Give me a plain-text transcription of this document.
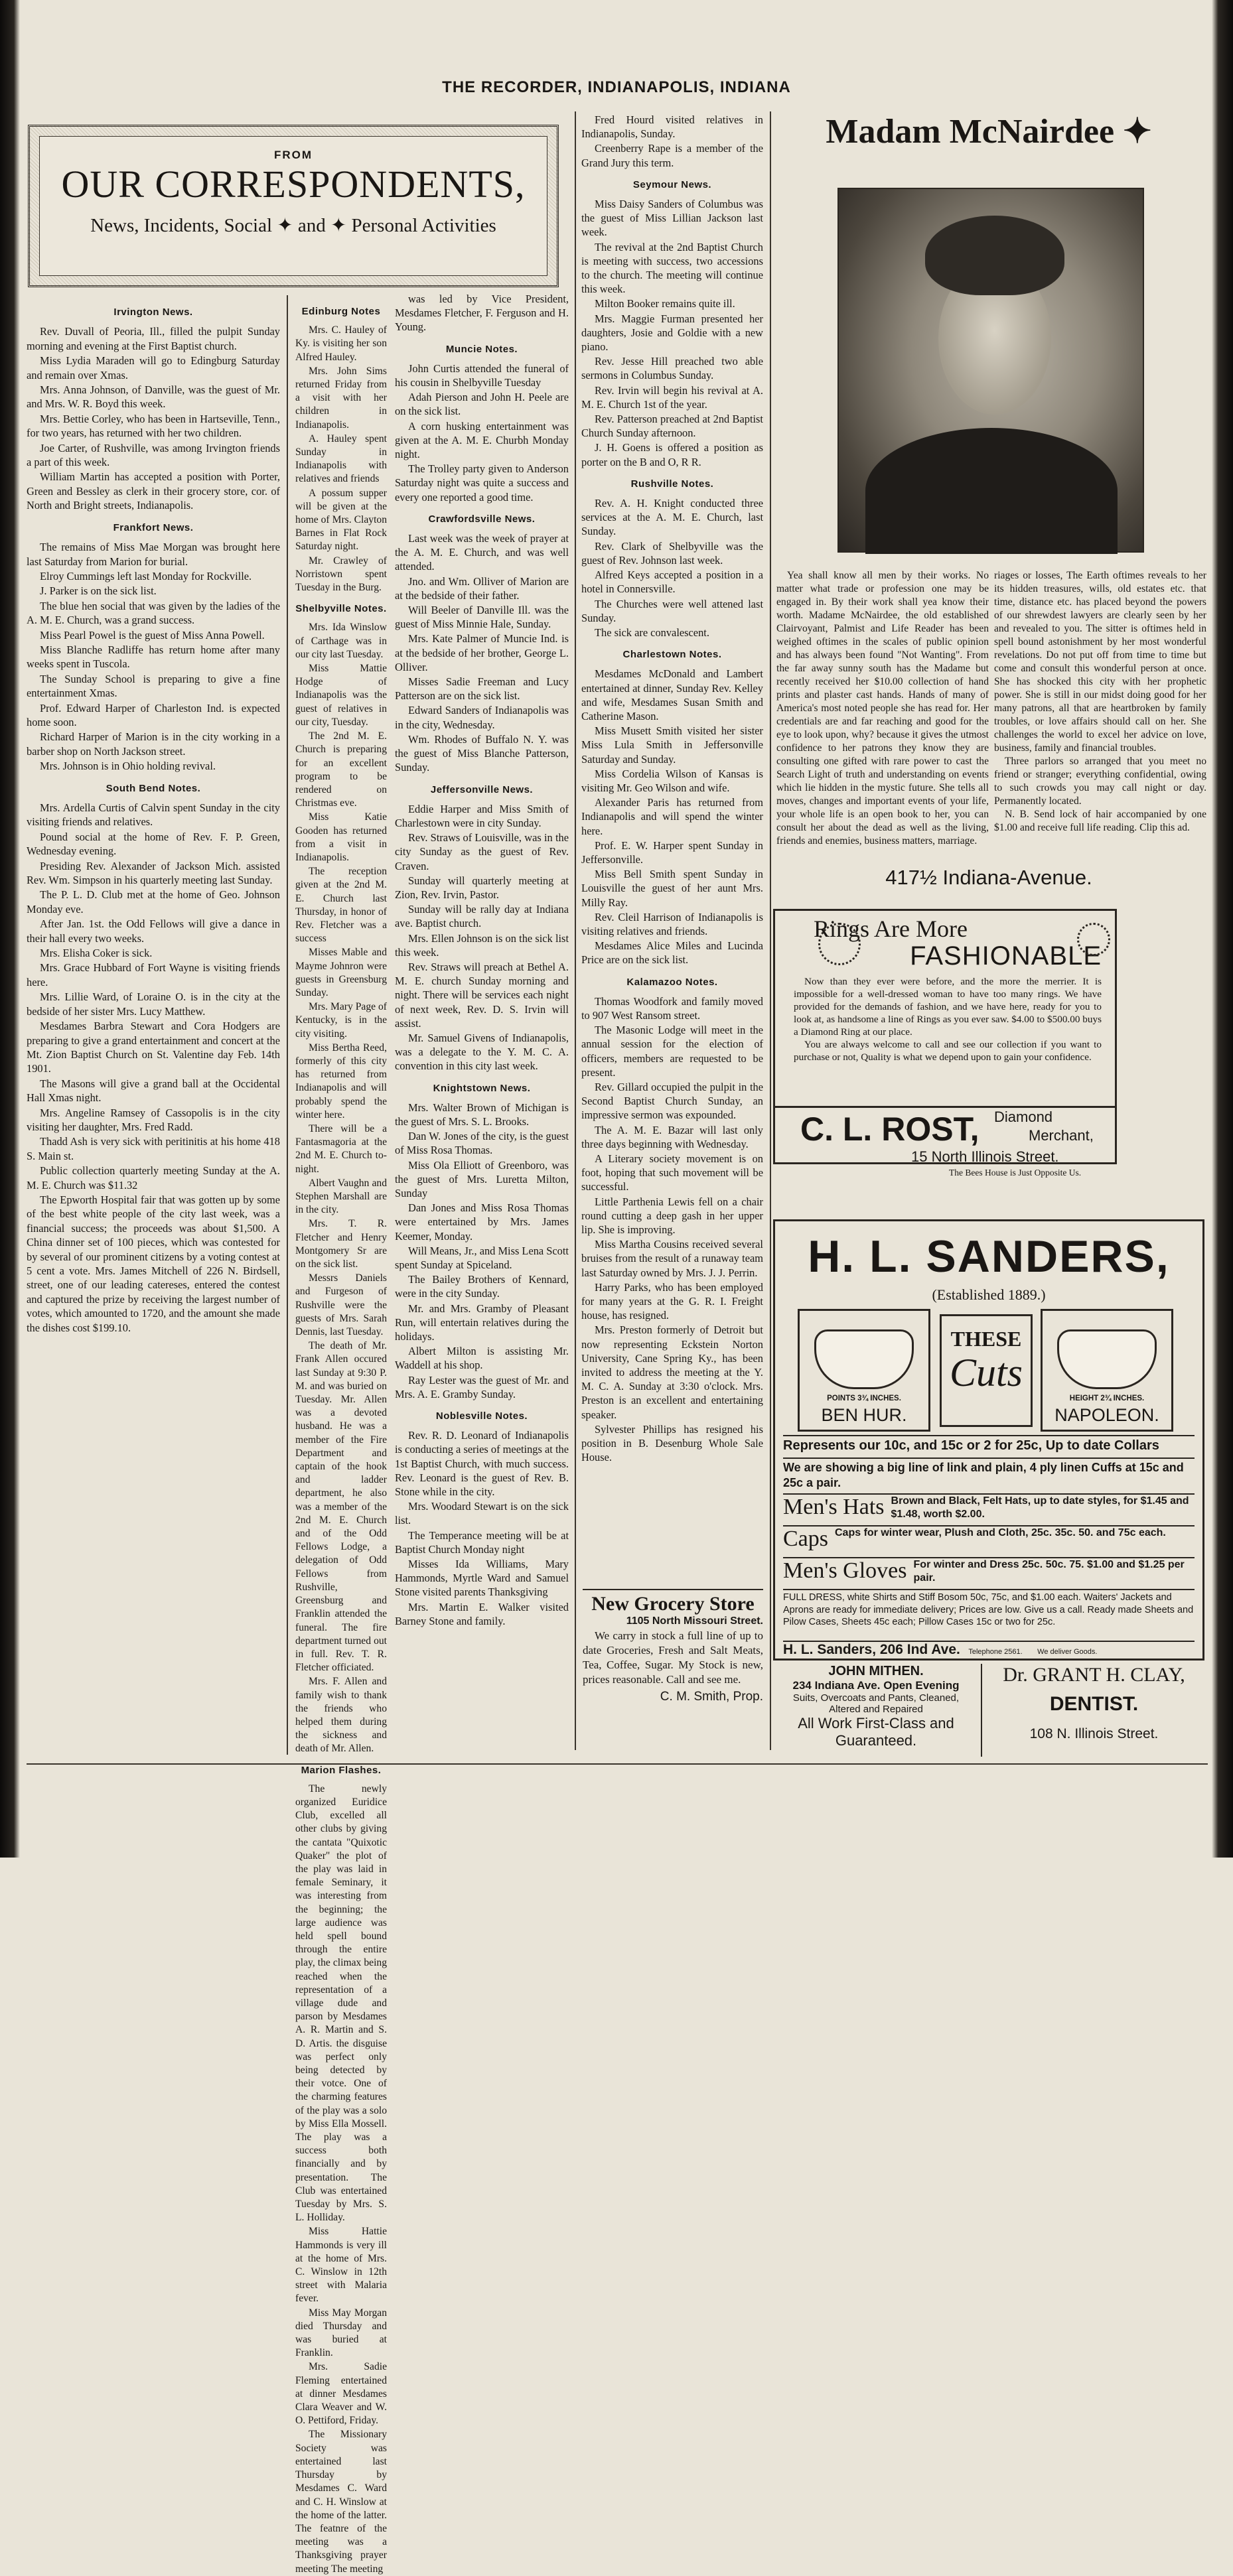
THE RECORDER, INDIANAPOLIS, INDIANA
FROM
OUR CORRESPONDENTS,
News, Incidents, Social ✦ and ✦ Personal Activities
Irvington News.

Rev. Duvall of Peoria, Ill., filled the pulpit Sunday morning and evening at the First Baptist church.

Miss Lydia Maraden will go to Edingburg Saturday and remain over Xmas.

Mrs. Anna Johnson, of Danville, was the guest of Mr. and Mrs. W. R. Boyd this week.

Mrs. Bettie Corley, who has been in Hartseville, Tenn., for two years, has returned with her two children.

Joe Carter, of Rushville, was among Irvington friends a part of this week.

William Martin has accepted a position with Porter, Green and Bessley as clerk in their grocery store, cor. of North and Bright streets, Indianapolis.

Frankfort News.

The remains of Miss Mae Morgan was brought here last Saturday from Marion for burial.

Elroy Cummings left last Monday for Rockville.

J. Parker is on the sick list.

The blue hen social that was given by the ladies of the A. M. E. Church, was a grand success.

Miss Pearl Powel is the guest of Miss Anna Powell.

Miss Blanche Radliffe has return home after many weeks spent in Tuscola.

The Sunday School is preparing to give a fine entertainment Xmas.

Prof. Edward Harper of Charleston Ind. is expected home soon.

Richard Harper of Marion is in the city working in a barber shop on North Jackson street.

Mrs. Johnson is in Ohio holding revival.

South Bend Notes.

Mrs. Ardella Curtis of Calvin spent Sunday in the city visiting friends and relatives.

Pound social at the home of Rev. F. P. Green, Wednesday evening.

Presiding Rev. Alexander of Jackson Mich. assisted Rev. Wm. Simpson in his quarterly meeting last Sunday.

The P. L. D. Club met at the home of Geo. Johnson Monday eve.

After Jan. 1st. the Odd Fellows will give a dance in their hall every two weeks.

Mrs. Elisha Coker is sick.

Mrs. Grace Hubbard of Fort Wayne is visiting friends here.

Mrs. Lillie Ward, of Loraine O. is in the city at the bedside of her sister Mrs. Lucy Matthew.

Mesdames Barbra Stewart and Cora Hodgers are preparing to give a grand entertainment and concert at the Mt. Zion Baptist Church on St. Valentine day Feb. 14th 1901.

The Masons will give a grand ball at the Occidental Hall Xmas night.

Mrs. Angeline Ramsey of Cassopolis is in the city visiting her daughter, Mrs. Fred Radd.

Thadd Ash is very sick with peritinitis at his home 418 S. Main st.

Public collection quarterly meeting Sunday at the A. M. E. Church was $11.32

The Epworth Hospital fair that was gotten up by some of the best white people of the city last week, was a financial success; the proceeds was about $1,500. A China dinner set of 100 pieces, which was contested for by several of our prominent citizens by a voting contest at 5 cent a vote. Mrs. James Mitchell of 226 N. Birdsell, street, one of our leading catereses, entered the contest and captured the prize by receiving the largest number of votes, which amounted to 1720, and the amount she made the dishes cost $199.10.

Fred Hourd visited relatives in Indianapolis, Sunday.

Creenberry Rape is a member of the Grand Jury this term.

Seymour News.

Miss Daisy Sanders of Columbus was the guest of Miss Lillian Jackson last week.

The revival at the 2nd Baptist Church is meeting with success, two accessions to the church. The meeting will continue this week.

Milton Booker remains quite ill.

Mrs. Maggie Furman presented her daughters, Josie and Goldie with a new piano.

Rev. Jesse Hill preached two able sermons in Columbus Sunday.

Rev. Irvin will begin his revival at A. M. E. Church 1st of the year.

Rev. Patterson preached at 2nd Baptist Church Sunday afternoon.

J. H. Goens is offered a position as porter on the B and O, R R.

Rushville Notes.

Rev. A. H. Knight conducted three services at the A. M. E. Church, last Sunday.

Rev. Clark of Shelbyville was the guest of Rev. Johnson last week.

Alfred Keys accepted a position in a hotel in Connersville.

The Churches were well attened last Sunday.

The sick are convalescent.

Charlestown Notes.

Mesdames McDonald and Lambert entertained at dinner, Sunday Rev. Kelley and wife, Mesdames Susan Smith and Catherine Mason.

Miss Musett Smith visited her sister Miss Lula Smith in Jeffersonville Saturday and Sunday.

Miss Cordelia Wilson of Kansas is visiting Mr. Geo Wilson and wife.

Alexander Paris has returned from Indianapolis and will spend the winter here.

Prof. E. W. Harper spent Sunday in Jeffersonville.

Miss Bell Smith spent Sunday in Louisville the guest of her aunt Mrs. Milly Ray.

Rev. Cleil Harrison of Indianapolis is visiting relatives and friends.

Mesdames Alice Miles and Lucinda Price are on the sick list.

Kalamazoo Notes.

Thomas Woodfork and family moved to 907 West Ransom street.

The Masonic Lodge will meet in the annual session for the election of officers, members are requested to be present.

Rev. Gillard occupied the pulpit in the Second Baptist Church Sunday, an impressive sermon was expounded.

The A. M. E. Bazar will last only three days beginning with Wednesday.

A Literary society movement is on foot, hoping that such movement will be successful.

Little Parthenia Lewis fell on a chair round cutting a deep gash in her upper lip. She is improving.

Miss Martha Cousins received several bruises from the result of a runaway team last Saturday owned by Mrs. J. J. Perrin.

Harry Parks, who has been employed for many years at the G. R. I. Freight house, has resigned.

Mrs. Preston formerly of Detroit but now representing Eckstein Norton University, Cane Spring Ky., has been invited to address the meeting at the Y. M. C. A. Sunday at 3:30 o'clock. Mrs. Preston is an excellent and entertaining speaker.

Sylvester Phillips has resigned his position in B. Desenburg Whole Sale House.

New Grocery Store
1105 North Missouri Street.
We carry in stock a full line of up to date Groceries, Fresh and Salt Meats, Tea, Coffee, Sugar. My Stock is new, prices reasonable. Call and see me.
C. M. Smith, Prop.
Madam McNairdee ✦

Yea shall know all men by their works. No matter what trade or profession one may be engaged in. By their work shall yea know their worth. Madame McNairdee, the old established Clairvoyant, Palmist and Life Reader has been weighed oftimes in the scales of public opinion and has always been found "Not Wanting". From the far away sunny south has the Madame but recently received her $10.00 collection of hand prints and plaster cast hands. Hands of many of America's most noted people she has read for. Her credentials are and far reaching and good for the eye to look upon, why? because it gives the utmost confidence to her patrons they know they are consulting one gifted with rare power to cast the Search Light of truth and understanding on events which lie hidden in the mystic future. She tells all moves, changes and important events of your life, your whole life is an open book to her, you can consult her about the dead as well as the living, friends and enemies, business matters, marriage.

riages or losses, The Earth oftimes reveals to her its hidden treasures, wills, old estates etc. that time, distance etc. has placed beyond the powers of our shrewdest lawyers are clearly seen by her and revealed to you. The sitter is oftimes held in spell bound astonishment by her most wonderful revelations. Do not put off from time to time but come and consult this wonderful person at once. She has shocked this city with her prophetic power. She is still in our midst doing good for her many patrons, all that are heartbroken by family troubles, or love affairs should call on her. She challenges the world to excel her advice on love, business, family and financial troubles.

Three parlors so arranged that you meet no friend or stranger; everything confidential, owing to such crowds you may call night or day. Permanently located.

N. B. Send lock of hair accompanied by one $1.00 and receive full life reading. Clip this ad.

417½ Indiana-Avenue.
Rings Are More
FASHIONABLE

Now than they ever were before, and the more the merrier. It is impossible for a well-dressed woman to have too many rings. We have provided for the demands of fashion, and we have here, ready for you to look at, as handsome a line of Rings as you ever saw. $4.00 to $500.00 buys a Diamond Ring at our place.

You are always welcome to call and see our collection if you want to purchase or not, Quality is what we depend upon to gain your confidence.

C. L. ROST, Diamond
Merchant,
15 North Illinois Street.
The Bees House is Just Opposite Us.
H. L. SANDERS,
(Established 1889.)
POINTS 3¾ INCHES.
BEN HUR.
THESE
Cuts
HEIGHT 2¾ INCHES.
NAPOLEON.
Represents our 10c, and 15c or 2 for 25c, Up to date Collars
We are showing a big line of link and plain, 4 ply linen Cuffs at 15c and 25c a pair.
Men's Hats Brown and Black, Felt Hats, up to date styles, for $1.45 and $1.48, worth $2.00.
Caps Caps for winter wear, Plush and Cloth, 25c. 35c. 50. and 75c each.
Men's Gloves For winter and Dress 25c. 50c. 75. $1.00 and $1.25 per pair.
FULL DRESS, white Shirts and Stiff Bosom 50c, 75c, and $1.00 each. Waiters' Jackets and Aprons are ready for immediate delivery; Prices are low. Give us a call. Ready made Sheets and Pilow Cases, Sheets 45c each; Pillow Cases 15c or two for 25c.
H. L. Sanders, 206 Ind Ave. Telephone 2561. We deliver Goods.
JOHN MITHEN.
234 Indiana Ave. Open Evening
Suits, Overcoats and Pants, Cleaned,
Altered and Repaired
All Work First-Class and
Guaranteed.
Dr. GRANT H. CLAY,
DENTIST.
108 N. Illinois Street.
Edinburg Notes

Mrs. C. Hauley of Ky. is visiting her son Alfred Hauley.

Mrs. John Sims returned Friday from a visit with her children in Indianapolis.

A. Hauley spent Sunday in Indianapolis with relatives and friends

A possum supper will be given at the home of Mrs. Clayton Barnes in Flat Rock Saturday night.

Mr. Crawley of Norristown spent Tuesday in the Burg.

Shelbyville Notes.

Mrs. Ida Winslow of Carthage was in our city last Tuesday.

Miss Mattie Hodge of Indianapolis was the guest of relatives in our city, Tuesday.

The 2nd M. E. Church is preparing for an excellent program to be rendered on Christmas eve.

Miss Katie Gooden has returned from a visit in Indianapolis.

The reception given at the 2nd M. E. Church last Thursday, in honor of Rev. Fletcher was a success

Misses Mable and Mayme Johnron were guests in Greensburg Sunday.

Mrs. Mary Page of Kentucky, is in the city visiting.

Miss Bertha Reed, formerly of this city has returned from Indianapolis and will probably spend the winter here.

There will be a Fantasmagoria at the 2nd M. E. Church to-night.

Albert Vaughn and Stephen Marshall are in the city.

Mrs. T. R. Fletcher and Henry Montgomery Sr are on the sick list.

Messrs Daniels and Furgeson of Rushville were the guests of Mrs. Sarah Dennis, last Tuesday.

The death of Mr. Frank Allen occured last Sunday at 9:30 P. M. and was buried on Tuesday. Mr. Allen was a devoted husband. He was a member of the Fire Department and captain of the hook and ladder department, he also was a member of the 2nd M. E. Church and of the Odd Fellows Lodge, a delegation of Odd Fellows from Rushville, Greensburg and Franklin attended the funeral. The fire department turned out in full. Rev. T. R. Fletcher officiated.

Mrs. F. Allen and family wish to thank the friends who helped them during the sickness and death of Mr. Allen.

Marion Flashes.

The newly organized Euridice Club, excelled all other clubs by giving the cantata "Quixotic Quaker" the plot of the play was laid in female Seminary, it was interesting from the beginning; the large audience was held spell bound through the entire play, the climax being reached when the representation of a village dude and parson by Mesdames A. R. Martin and S. D. Artis. the disguise was perfect only being detected by their votce. One of the charming features of the play was a solo by Miss Ella Mossell. The play was a success both financially and by presentation. The Club was entertained Tuesday by Mrs. S. L. Holliday.

Miss Hattie Hammonds is very ill at the home of Mrs. C. Winslow in 12th street with Malaria fever.

Miss May Morgan died Thursday and was buried at Franklin.

Mrs. Sadie Fleming entertained at dinner Mesdames Clara Weaver and W. O. Pettiford, Friday.

The Missionary Society was entertained last Thursday by Mesdames C. Ward and C. H. Winslow at the home of the latter. The featnre of the meeting was a Thanksgiving prayer meeting The meeting

was led by Vice President, Mesdames Fletcher, F. Ferguson and H. Young.

Muncie Notes.

John Curtis attended the funeral of his cousin in Shelbyville Tuesday

Adah Pierson and John H. Peele are on the sick list.

A corn husking entertainment was given at the A. M. E. Churbh Monday night.

The Trolley party given to Anderson Saturday night was quite a success and every one reported a good time.

Crawfordsville News.

Last week was the week of prayer at the A. M. E. Church, and was well attended.

Jno. and Wm. Olliver of Marion are at the bedside of their father.

Will Beeler of Danville Ill. was the guest of Miss Minnie Hale, Sunday.

Mrs. Kate Palmer of Muncie Ind. is at the bedside of her brother, George L. Olliver.

Misses Sadie Freeman and Lucy Patterson are on the sick list.

Edward Sanders of Indianapolis was in the city, Wednesday.

Wm. Rhodes of Buffalo N. Y. was the guest of Miss Blanche Patterson, Sunday.

Jeffersonville News.

Eddie Harper and Miss Smith of Charlestown were in city Sunday.

Rev. Straws of Louisville, was in the city Sunday as the guest of Rev. Craven.

Sunday will quarterly meeting at Zion, Rev. Irvin, Pastor.

Sunday will be rally day at Indiana ave. Baptist church.

Mrs. Ellen Johnson is on the sick list this week.

Rev. Straws will preach at Bethel A. M. E. church Sunday morning and night. There will be services each night of next week, Rev. D. S. Irvin will assist.

Mr. Samuel Givens of Indianapolis, was a delegate to the Y. M. C. A. convention in this city last week.

Knightstown News.

Mrs. Walter Brown of Michigan is the guest of Mrs. S. L. Brooks.

Dan W. Jones of the city, is the guest of Miss Rosa Thomas.

Miss Ola Elliott of Greenboro, was the guest of Mrs. Luretta Milton, Sunday

Dan Jones and Miss Rosa Thomas were entertained by Mrs. James Keemer, Monday.

Will Means, Jr., and Miss Lena Scott spent Sunday at Spiceland.

The Bailey Brothers of Kennard, were in the city Sunday.

Mr. and Mrs. Gramby of Pleasant Run, will entertain relatives during the holidays.

Albert Milton is assisting Mr. Waddell at his shop.

Ray Lester was the guest of Mr. and Mrs. A. E. Gramby Sunday.

Noblesville Notes.

Rev. R. D. Leonard of Indianapolis is conducting a series of meetings at the 1st Baptist Church, with much success. Rev. Leonard is the guest of Rev. B. Stone while in the city.

Mrs. Woodard Stewart is on the sick list.

The Temperance meeting will be at Baptist Church Monday night

Misses Ida Williams, Mary Hammonds, Myrtle Ward and Samuel Stone visited parents Thanksgiving

Mrs. Martin E. Walker visited Barney Stone and family.
